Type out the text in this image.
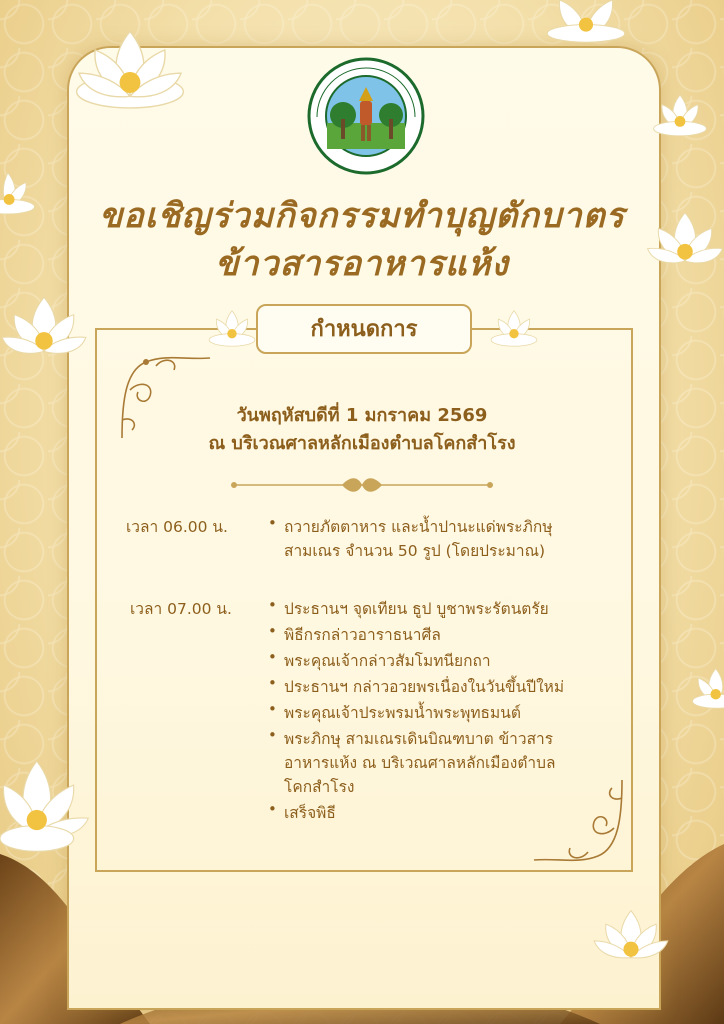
ขอเชิญร่วมกิจกรรมทำบุญตักบาตร
ข้าวสารอาหารแห้ง
กำหนดการ
วันพฤหัสบดีที่ 1 มกราคม 2569
ณ บริเวณศาลหลักเมืองตำบลโคกสำโรง
เวลา 06.00 น.	• ถวายภัตตาหาร และน้ำปานะแด่พระภิกษุ
สามเณร จำนวน 50 รูป (โดยประมาณ)
เวลา 07.00 น. • ประธานฯ จุดเทียน ธูป บูชาพระรัตนตรัย
• พิธีกรกล่าวอาราธนาศีล
• พระคุณเจ้ากล่าวสัมโมทนียกถา
• ประธานฯ กล่าวอวยพรเนื่องในวันขึ้นปีใหม่
• พระคุณเจ้าประพรมน้ำพระพุทธมนต์
• พระภิกษุ สามเณรเดินบิณฑบาต ข้าวสาร
อาหารแห้ง ณ บริเวณศาลหลักเมืองตำบล
โคกสำโรง
• เสร็จพิธี
